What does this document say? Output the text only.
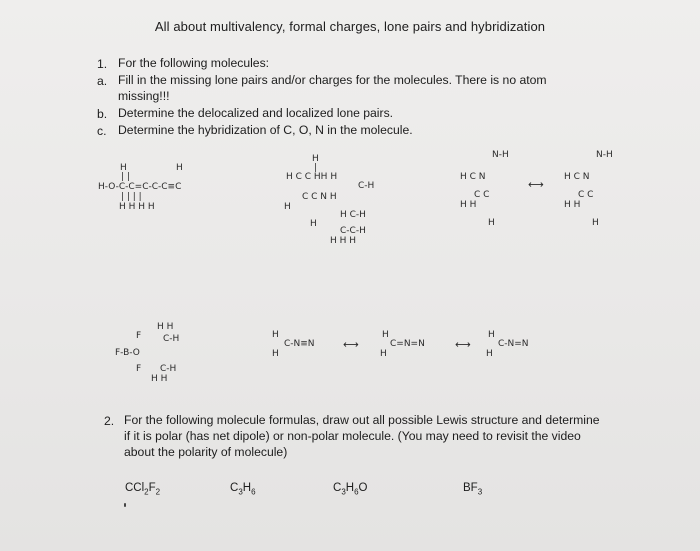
All about multivalency, formal charges, lone pairs and hybridization
1. For the following molecules:
a. Fill in the missing lone pairs and/or charges for the molecules. There is no atom
missing!!!
b. Determine the delocalized and localized lone pairs.
c. Determine the hybridization of C, O, N in the molecule.
H	H
| |
H-O-C-C=C-C-C≡C
| | | |
H H H H
H
|
H C C HH H
C-H
C C N H
H
H C-H
H
C-C-H
H H H
N-H
H C N
C C
H H
H
⟷
N-H
H C N
C C
H H
H
H H
F C-H
F-B-O
F C-H
H H
H
C-N≡N
H
⟷
H
C=N=N
H
⟷
H
C-N=N
H
2. For the following molecule formulas, draw out all possible Lewis structure and determine
if it is polar (has net dipole) or non-polar molecule. (You may need to revisit the video
about the polarity of molecule)
$CCl_2F_2$	$C_3H_6$	$C_3H_6O$	$BF_3$
